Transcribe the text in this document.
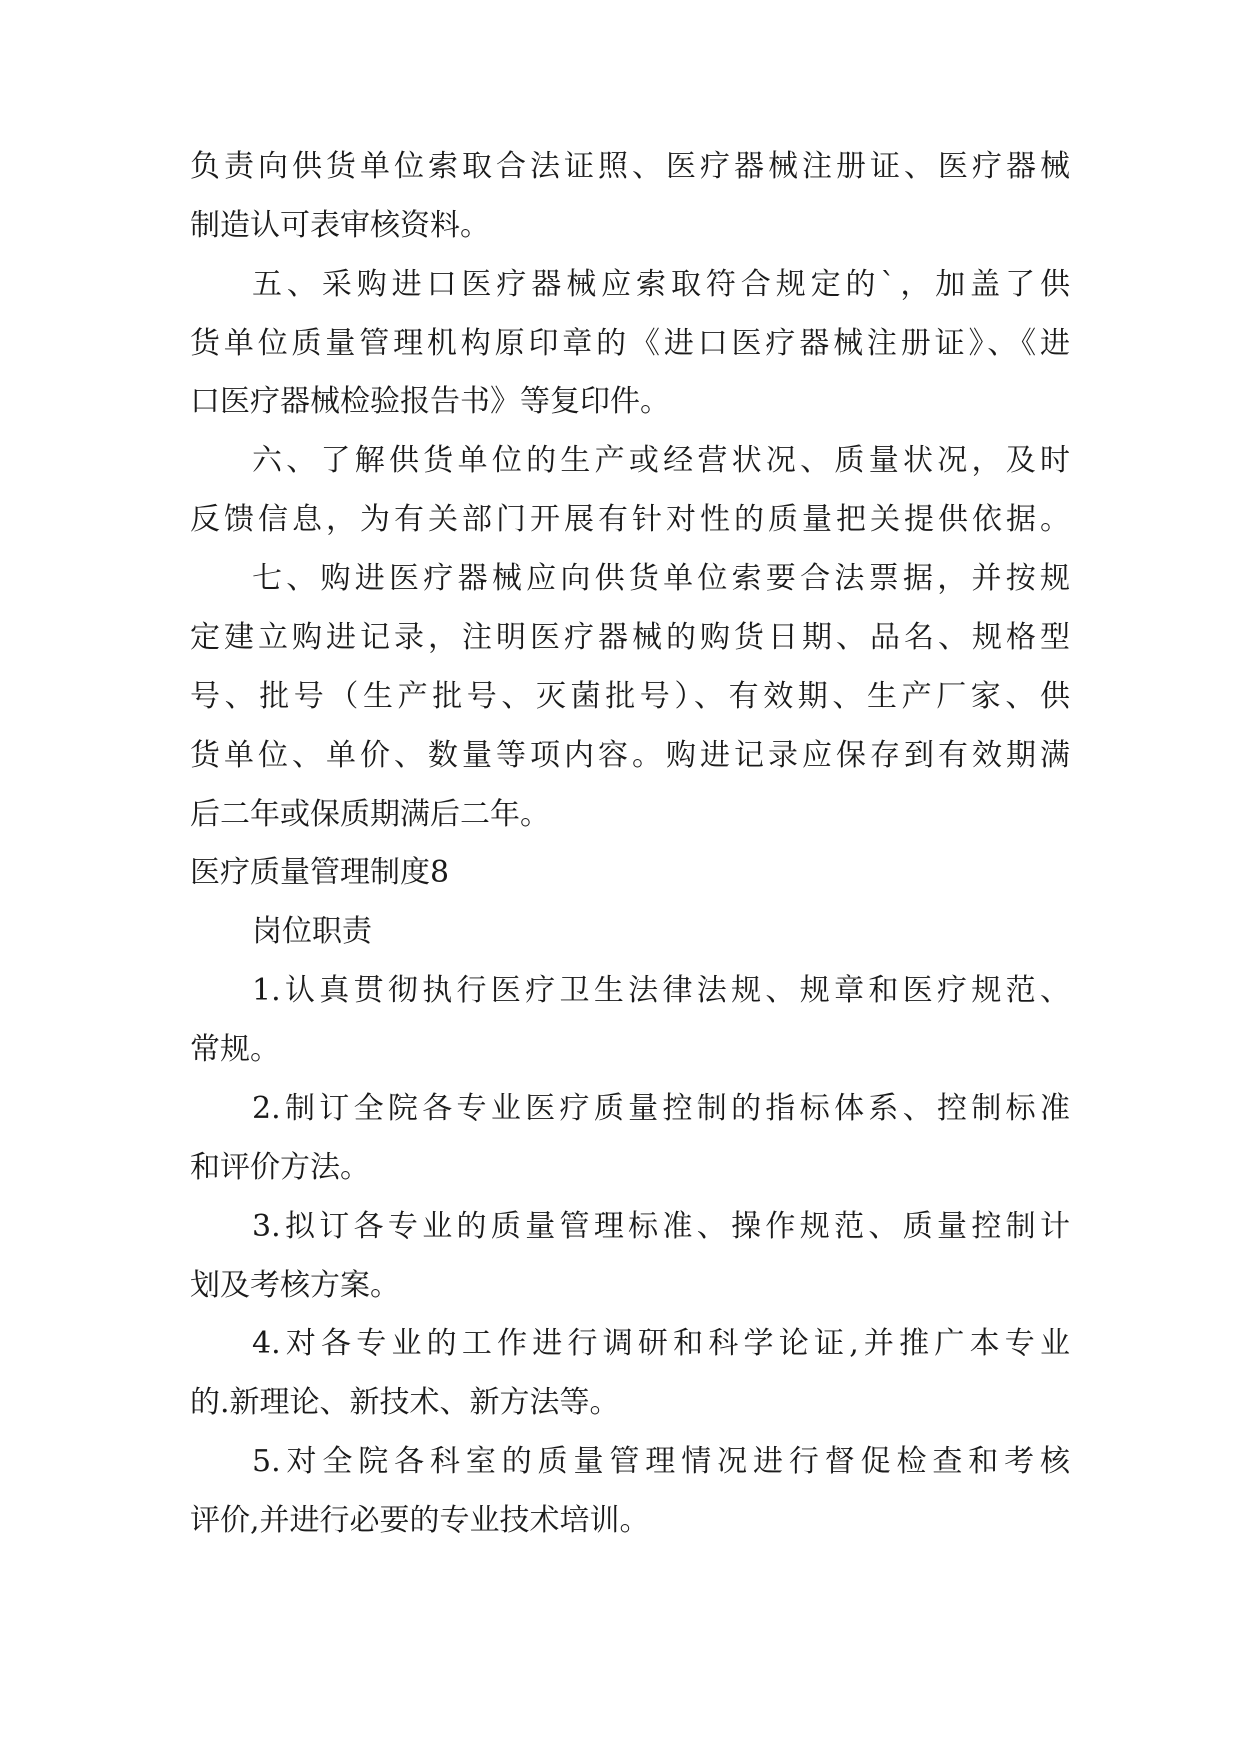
负责向供货单位索取合法证照、医疗器械注册证、医疗器械
制造认可表审核资料。
五、采购进口医疗器械应索取符合规定的`，加盖了供
货单位质量管理机构原印章的《进口医疗器械注册证》、《进
口医疗器械检验报告书》等复印件。
六、了解供货单位的生产或经营状况、质量状况，及时
反馈信息，为有关部门开展有针对性的质量把关提供依据。
七、购进医疗器械应向供货单位索要合法票据，并按规
定建立购进记录，注明医疗器械的购货日期、品名、规格型
号、批号（生产批号、灭菌批号）、有效期、生产厂家、供
货单位、单价、数量等项内容。购进记录应保存到有效期满
后二年或保质期满后二年。
医疗质量管理制度8
岗位职责
1.认真贯彻执行医疗卫生法律法规、规章和医疗规范、
常规。
2.制订全院各专业医疗质量控制的指标体系、控制标准
和评价方法。
3.拟订各专业的质量管理标准、操作规范、质量控制计
划及考核方案。
4.对各专业的工作进行调研和科学论证,并推广本专业
的.新理论、新技术、新方法等。
5.对全院各科室的质量管理情况进行督促检查和考核
评价,并进行必要的专业技术培训。
